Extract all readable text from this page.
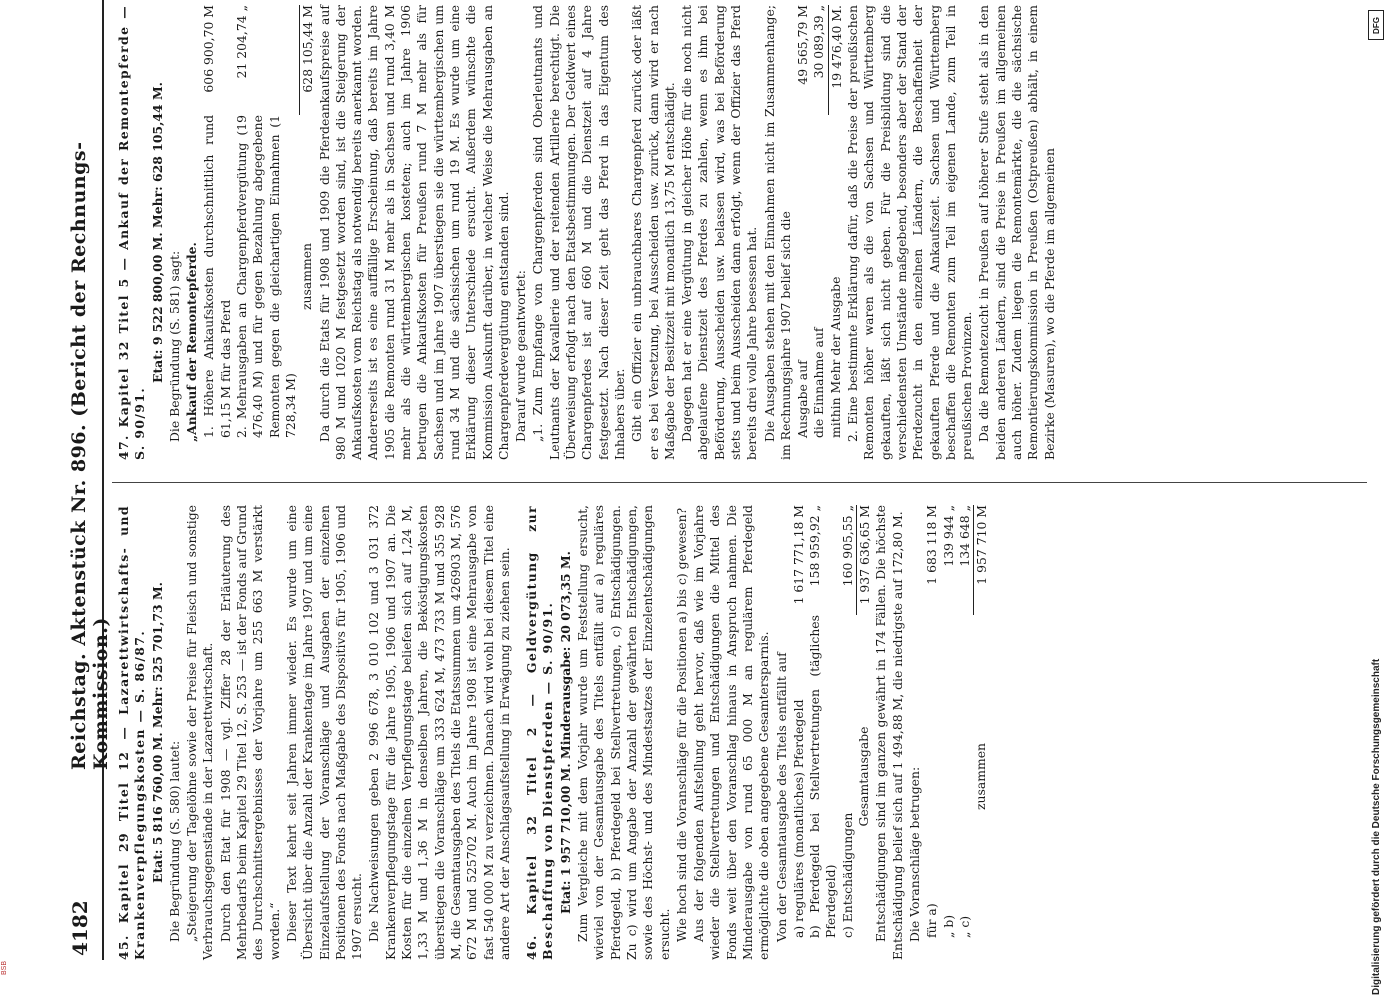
4182
Reichstag. Aktenstück Nr. 896. (Bericht der Rechnungs-Kommission.) 45. Kapitel 29 Titel 12 — Lazarettwirtschafts- und Krankenverpflegungskosten — S. 86/87. Etat: 5 816 760,00 M. Mehr: 525 701,73 M. Die Begründung (S. 580) lautet: „Steigerung der Tagelöhne sowie der Preise für Fleisch und sonstige Verbrauchsgegenstände in der Lazarettwirtschaft. Durch den Etat für 1908 — vgl. Ziffer 28 der Erläuterung des Mehrbedarfs beim Kapitel 29 Titel 12, S. 253 — ist der Fonds auf Grund des Durchschnittsergebnisses der Vorjahre um 255 663 M verstärkt worden.“ Dieser Text kehrt seit Jahren immer wieder. Es wurde um eine Übersicht über die Anzahl der Krankentage im Jahre 1907 und um eine Einzelaufstellung der Voranschläge und Ausgaben der einzelnen Positionen des Fonds nach Maßgabe des Dispositivs für 1905, 1906 und 1907 ersucht. Die Nachweisungen geben 2 996 678, 3 010 102 und 3 031 372 Krankenverpflegungstage für die Jahre 1905, 1906 und 1907 an. Die Kosten für die einzelnen Verpflegungstage beliefen sich auf 1,24 M, 1,33 M und 1,36 M in denselben Jahren, die Beköstigungskosten überstiegen die Voranschläge um 333 624 M, 473 733 M und 355 928 M, die Gesamtausgaben des Titels die Etatssummen um 426903 M, 576 672 M und 525702 M. Auch im Jahre 1908 ist eine Mehrausgabe von fast 540 000 M zu verzeichnen. Danach wird wohl bei diesem Titel eine andere Art der Anschlagsaufstellung in Erwägung zu ziehen sein. 46. Kapitel 32 Titel 2 — Geldvergütung zur Beschaffung von Dienstpferden — S. 90/91. Etat: 1 957 710,00 M. Minderausgabe: 20 073,35 M. Zum Vergleiche mit dem Vorjahr wurde um Feststellung ersucht, wieviel von der Gesamtausgabe des Titels entfällt auf a) reguläres Pferdegeld, b) Pferdegeld bei Stellvertretungen, c) Entschädigungen. Zu c) wird um Angabe der Anzahl der gewährten Entschädigungen, sowie des Höchst- und des Mindestsatzes der Einzelentschädigungen ersucht. Wie hoch sind die Voranschläge für die Positionen a) bis c) gewesen? Aus der folgenden Aufstellung geht hervor, daß wie im Vorjahre wieder die Stellvertretungen und Entschädigungen die Mittel des Fonds weit über den Voranschlag hinaus in Anspruch nahmen. Die Minderausgabe von rund 65 000 M an regulärem Pferdegeld ermöglichte die oben angegebene Gesamtersparnis. Von der Gesamtausgabe des Titels entfällt auf a) reguläres (monatliches) Pferdegeld
1 617 771,18 M
b) Pferdegeld bei Stellvertretungen (tägliches Pferdegeld)
158 959,92 „
c) Entschädigungen
160 905,55 „
Gesamtausgabe
1 937 636,65 M Entschädigungen sind im ganzen gewährt in 174 Fällen. Die höchste Entschädigung belief sich auf 1 494,88 M, die niedrigste auf 172,80 M. Die Voranschläge betrugen: für a)
1 683 118 M
„ b)
139 944 „
„ c)
134 648 „
zusammen
1 957 710 M

47. Kapitel 32 Titel 5 — Ankauf der Remontepferde — S. 90/91.

Etat: 9 522 800,00 M. Mehr: 628 105,44 M. Die Begründung (S. 581) sagt: „Ankauf der Remontepferde. 1. Höhere Ankaufskosten durchschnittlich rund 61,15 M für das Pferd
606 900,70 M
2. Mehrausgaben an Chargenpferdvergütung (19 476,40 M) und für gegen Bezahlung abgegebene Remonten gegen die gleichartigen Einnahmen (1 728,34 M)
21 204,74 „
zusammen
628 105,44 M Da durch die Etats für 1908 und 1909 die Pferdeankaufspreise auf 980 M und 1020 M festgesetzt worden sind, ist die Steigerung der Ankaufskosten vom Reichstag als notwendig bereits anerkannt worden. Andererseits ist es eine auffällige Erscheinung, daß bereits im Jahre 1905 die Remonten rund 31 M mehr als in Sachsen und rund 3,40 M mehr als die württembergischen kosteten; auch im Jahre 1906 betrugen die Ankaufskosten für Preußen rund 7 M mehr als für Sachsen und im Jahre 1907 überstiegen sie die württembergischen um rund 34 M und die sächsischen um rund 19 M. Es wurde um eine Erklärung dieser Unterschiede ersucht. Außerdem wünschte die Kommission Auskunft darüber, in welcher Weise die Mehrausgaben an Chargenpferdevergütung entstanden sind. Darauf wurde geantwortet: „1. Zum Empfange von Chargenpferden sind Oberleutnants und Leutnants der Kavallerie und der reitenden Artillerie berechtigt. Die Überweisung erfolgt nach den Etatsbestimmungen. Der Geldwert eines Chargenpferdes ist auf 660 M und die Dienstzeit auf 4 Jahre festgesetzt. Nach dieser Zeit geht das Pferd in das Eigentum des Inhabers über. Gibt ein Offizier ein unbrauchbares Chargenpferd zurück oder läßt er es bei Versetzung, bei Ausscheiden usw. zurück, dann wird er nach Maßgabe der Besitzzeit mit monatlich 13,75 M entschädigt. Dagegen hat er eine Vergütung in gleicher Höhe für die noch nicht abgelaufene Dienstzeit des Pferdes zu zahlen, wenn es ihm bei Beförderung, Ausscheiden usw. belassen wird, was bei Beförderung stets und beim Ausscheiden dann erfolgt, wenn der Offizier das Pferd bereits drei volle Jahre besessen hat. Die Ausgaben stehen mit den Einnahmen nicht im Zusammenhange; im Rechnungsjahre 1907 belief sich die Ausgabe auf
49 565,79 M
die Einnahme auf
30 089,39 „
mithin Mehr der Ausgabe
19 476,40 M. 2. Eine bestimmte Erklärung dafür, daß die Preise der preußischen Remonten höher waren als die von Sachsen und Württemberg gekauften, läßt sich nicht geben. Für die Preisbildung sind die verschiedensten Umstände maßgebend, besonders aber der Stand der Pferdezucht in den einzelnen Ländern, die Beschaffenheit der gekauften Pferde und die Ankaufszeit. Sachsen und Württemberg beschaffen die Remonten zum Teil im eigenen Lande, zum Teil in preußischen Provinzen. Da die Remontezucht in Preußen auf höherer Stufe steht als in den beiden anderen Ländern, sind die Preise in Preußen im allgemeinen auch höher. Zudem liegen die Remontemärkte, die die sächsische Remontierungskommission in Preußen (Ostpreußen) abhält, in einem Bezirke (Masuren), wo die Pferde im allgemeinen

Digitalisierung gefördert durch die Deutsche Forschungsgemeinschaft
DFG
BSB
